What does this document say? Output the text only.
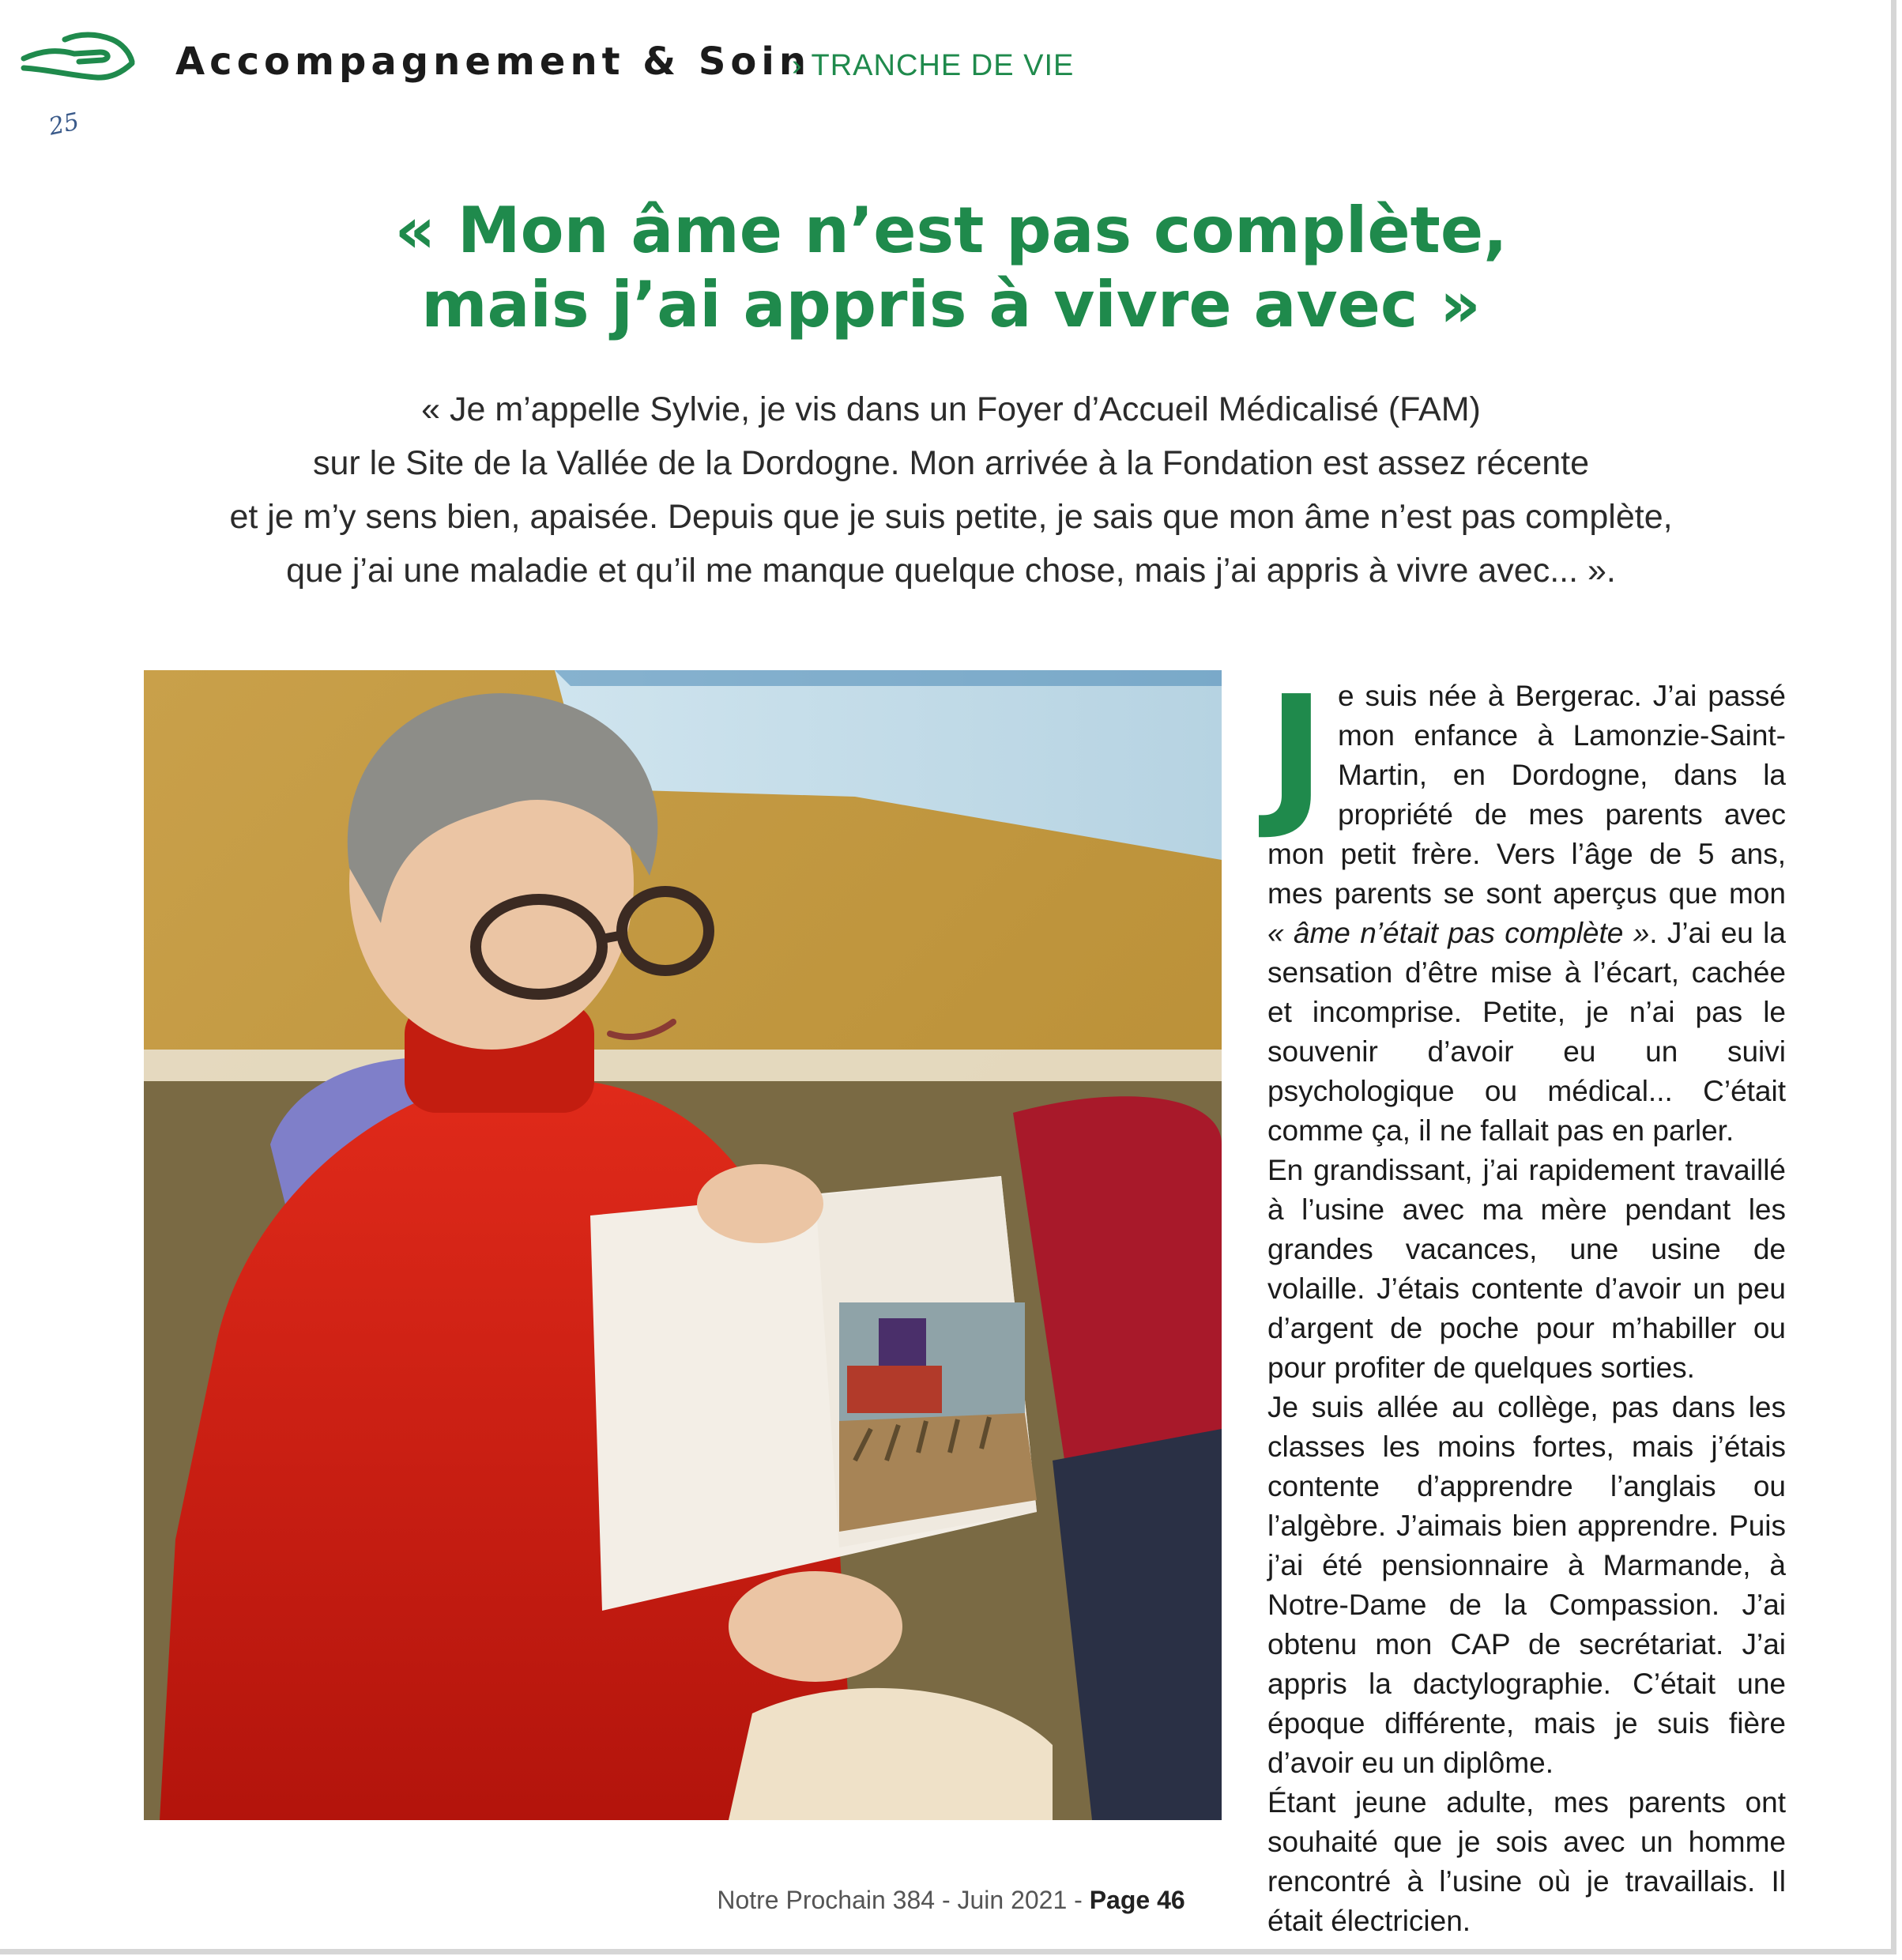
25
Accompagnement & Soin
› TRANCHE DE VIE
« Mon âme n’est pas complète,
mais j’ai appris à vivre avec »
« Je m’appelle Sylvie, je vis dans un Foyer d’Accueil Médicalisé (FAM)
sur le Site de la Vallée de la Dordogne. Mon arrivée à la Fondation est assez récente
et je m’y sens bien, apaisée. Depuis que je suis petite, je sais que mon âme n’est pas complète,
que j’ai une maladie et qu’il me manque quelque chose, mais j’ai appris à vivre avec... ».
J e suis née à Bergerac. J’ai passé mon enfance à Lamonzie-Saint-Martin, en Dordogne, dans la propriété de mes parents avec mon petit frère. Vers l’âge de 5 ans, mes parents se sont aperçus que mon « âme n’était pas complète ». J’ai eu la sensation d’être mise à l’écart, cachée et incomprise. Petite, je n’ai pas le souvenir d’avoir eu un suivi psychologique ou médical... C’était comme ça, il ne fallait pas en parler.

En grandissant, j’ai rapidement travaillé à l’usine avec ma mère pendant les grandes vacances, une usine de volaille. J’étais contente d’avoir un peu d’argent de poche pour m’habiller ou pour profiter de quelques sorties.

Je suis allée au collège, pas dans les classes les moins fortes, mais j’étais contente d’apprendre l’anglais ou l’algèbre. J’aimais bien apprendre. Puis j’ai été pensionnaire à Marmande, à Notre-Dame de la Compassion. J’ai obtenu mon CAP de secrétariat. J’ai appris la dactylographie. C’était une époque différente, mais je suis fière d’avoir eu un diplôme.

Étant jeune adulte, mes parents ont souhaité que je sois avec un homme rencontré à l’usine où je travaillais. Il était électricien.

Notre Prochain 384 - Juin 2021 - Page 46
